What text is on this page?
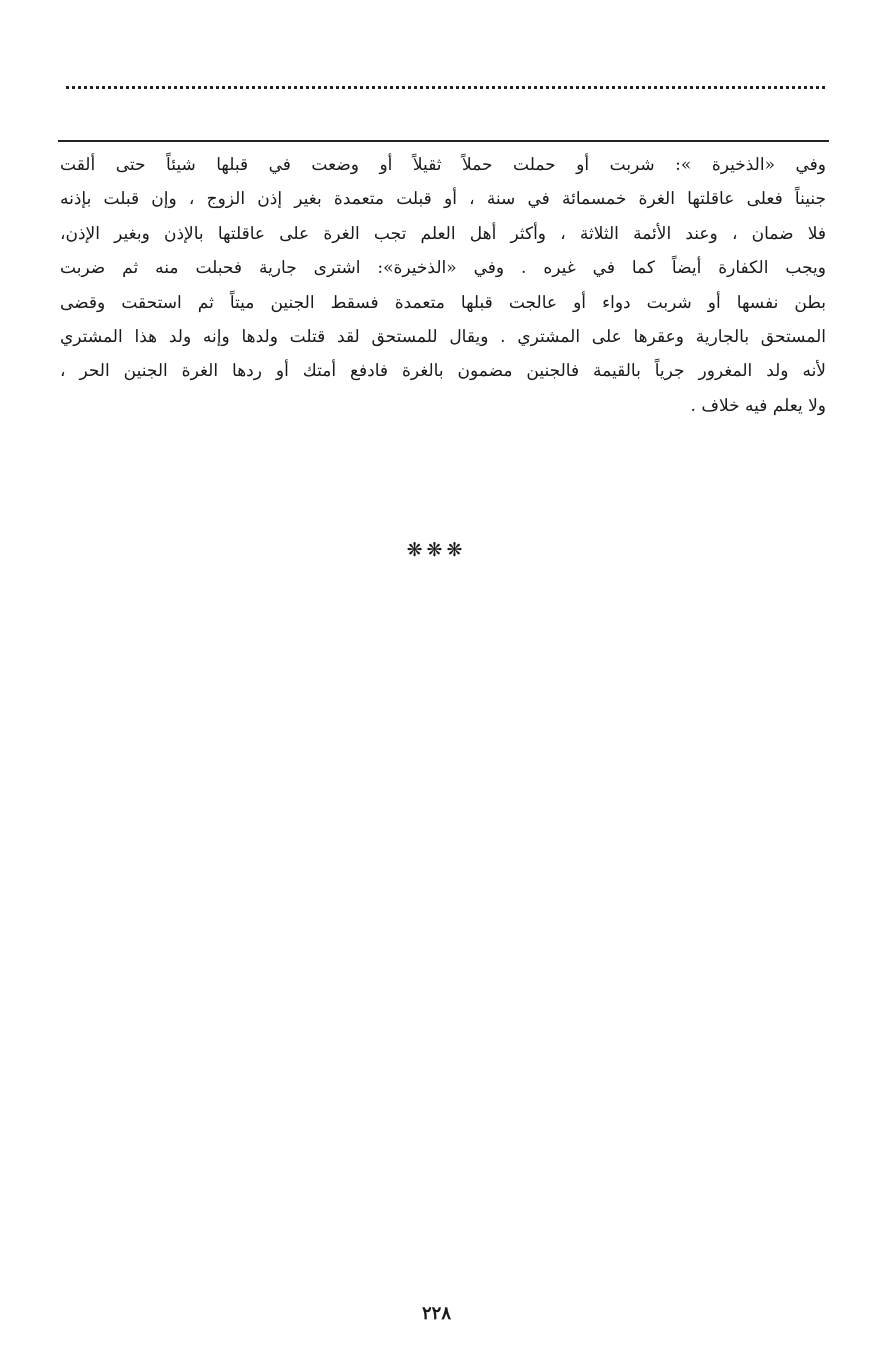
وفي «الذخيرة »: شربت أو حملت حملاً ثقيلاً أو وضعت في قبلها شيئاً حتى ألقت
جنيناً فعلى عاقلتها الغرة خمسمائة في سنة ، أو قبلت متعمدة بغير إذن الزوج ، وإن قبلت بإذنه
فلا ضمان ، وعند الأئمة الثلاثة ، وأكثر أهل العلم تجب الغرة على عاقلتها بالإذن وبغير الإذن،
ويجب الكفارة أيضاً كما في غيره . وفي «الذخيرة»: اشترى جارية فحبلت منه ثم ضربت
بطن نفسها أو شربت دواء أو عالجت قبلها متعمدة فسقط الجنين ميتاً ثم استحقت وقضى
المستحق بالجارية وعقرها على المشتري . ويقال للمستحق لقد قتلت ولدها وإنه ولد هذا المشتري
لأنه ولد المغرور جرياً بالقيمة فالجنين مضمون بالغرة فادفع أمتك أو ردها الغرة الجنين الحر ،
ولا يعلم فيه خلاف .
❋❋❋
٢٢٨
